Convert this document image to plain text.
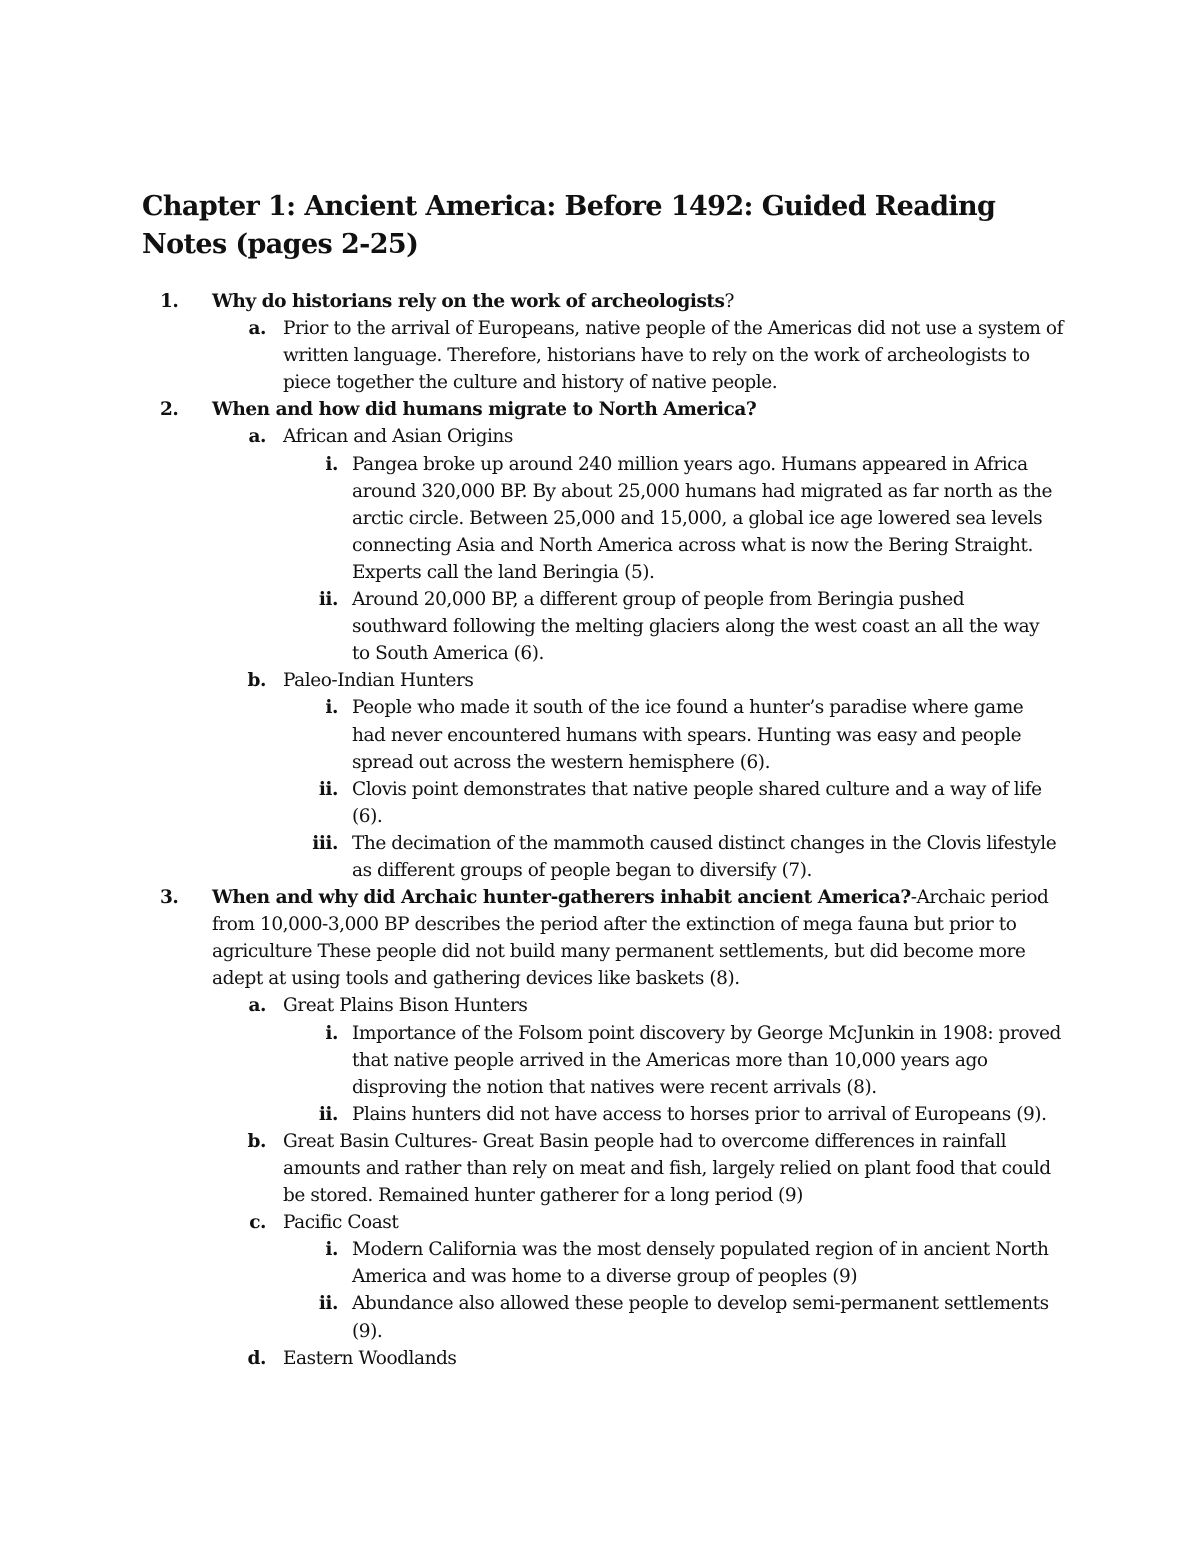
Chapter 1: Ancient America: Before 1492: Guided Reading Notes (pages 2-25)
1.	Why do historians rely on the work of archeologists?
a. Prior to the arrival of Europeans, native people of the Americas did not use a system of written language. Therefore, historians have to rely on the work of archeologists to piece together the culture and history of native people.
2.	When and how did humans migrate to North America?
a. African and Asian Origins
i. Pangea broke up around 240 million years ago. Humans appeared in Africa around 320,000 BP. By about 25,000 humans had migrated as far north as the arctic circle. Between 25,000 and 15,000, a global ice age lowered sea levels connecting Asia and North America across what is now the Bering Straight. Experts call the land Beringia (5).
ii. Around 20,000 BP, a different group of people from Beringia pushed southward following the melting glaciers along the west coast an all the way to South America (6).
b. Paleo-Indian Hunters
i. People who made it south of the ice found a hunter’s paradise where game had never encountered humans with spears. Hunting was easy and people spread out across the western hemisphere (6).
ii. Clovis point demonstrates that native people shared culture and a way of life (6).
iii. The decimation of the mammoth caused distinct changes in the Clovis lifestyle as different groups of people began to diversify (7).
3.	When and why did Archaic hunter-gatherers inhabit ancient America?-Archaic period from 10,000-3,000 BP describes the period after the extinction of mega fauna but prior to agriculture These people did not build many permanent settlements, but did become more adept at using tools and gathering devices like baskets (8).
a. Great Plains Bison Hunters
i. Importance of the Folsom point discovery by George McJunkin in 1908: proved that native people arrived in the Americas more than 10,000 years ago disproving the notion that natives were recent arrivals (8).
ii. Plains hunters did not have access to horses prior to arrival of Europeans (9).
b. Great Basin Cultures- Great Basin people had to overcome differences in rainfall amounts and rather than rely on meat and fish, largely relied on plant food that could be stored. Remained hunter gatherer for a long period (9)
c. Pacific Coast
i. Modern California was the most densely populated region of in ancient North America and was home to a diverse group of peoples (9)
ii. Abundance also allowed these people to develop semi-permanent settlements (9).
d. Eastern Woodlands
